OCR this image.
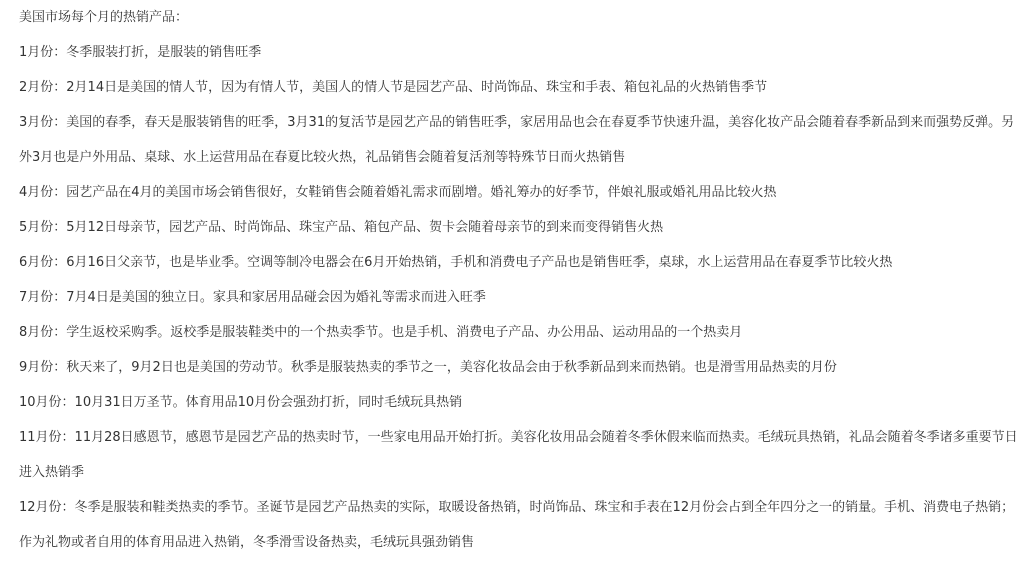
美国市场每个月的热销产品：

1月份：冬季服装打折，是服装的销售旺季

2月份：2月14日是美国的情人节，因为有情人节，美国人的情人节是园艺产品、时尚饰品、珠宝和手表、箱包礼品的火热销售季节

3月份：美国的春季，春天是服装销售的旺季，3月31的复活节是园艺产品的销售旺季，家居用品也会在春夏季节快速升温，美容化妆产品会随着春季新品到来而强势反弹。另外3月也是户外用品、桌球、水上运营用品在春夏比较火热，礼品销售会随着复活剂等特殊节日而火热销售

4月份：园艺产品在4月的美国市场会销售很好，女鞋销售会随着婚礼需求而剧增。婚礼筹办的好季节，伴娘礼服或婚礼用品比较火热

5月份：5月12日母亲节，园艺产品、时尚饰品、珠宝产品、箱包产品、贺卡会随着母亲节的到来而变得销售火热

6月份：6月16日父亲节，也是毕业季。空调等制冷电器会在6月开始热销，手机和消费电子产品也是销售旺季，桌球，水上运营用品在春夏季节比较火热

7月份：7月4日是美国的独立日。家具和家居用品碰会因为婚礼等需求而进入旺季

8月份：学生返校采购季。返校季是服装鞋类中的一个热卖季节。也是手机、消费电子产品、办公用品、运动用品的一个热卖月

9月份：秋天来了，9月2日也是美国的劳动节。秋季是服装热卖的季节之一，美容化妆品会由于秋季新品到来而热销。也是滑雪用品热卖的月份

10月份：10月31日万圣节。体育用品10月份会强劲打折，同时毛绒玩具热销

11月份：11月28日感恩节，感恩节是园艺产品的热卖时节，一些家电用品开始打折。美容化妆用品会随着冬季休假来临而热卖。毛绒玩具热销，礼品会随着冬季诸多重要节日进入热销季

12月份：冬季是服装和鞋类热卖的季节。圣诞节是园艺产品热卖的实际，取暖设备热销，时尚饰品、珠宝和手表在12月份会占到全年四分之一的销量。手机、消费电子热销；作为礼物或者自用的体育用品进入热销，冬季滑雪设备热卖，毛绒玩具强劲销售
